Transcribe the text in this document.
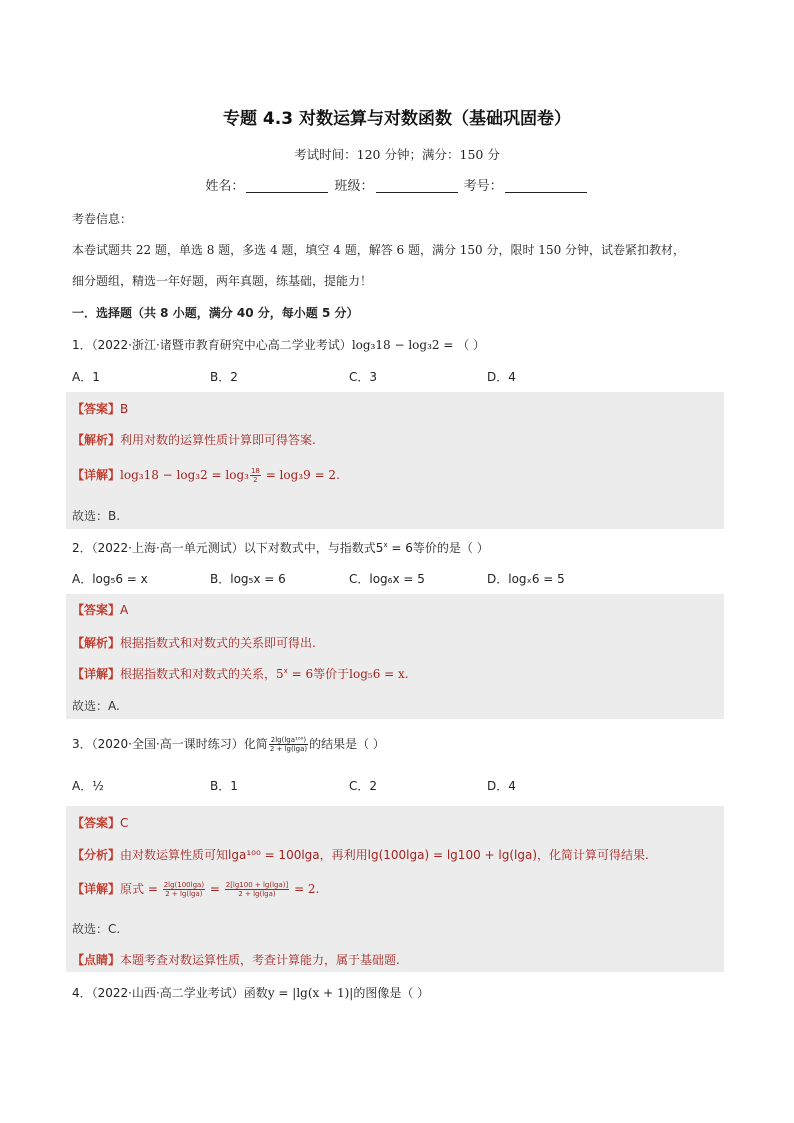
专题 4.3 对数运算与对数函数（基础巩固卷）
考试时间：120 分钟；满分：150 分
姓名：	班级：	考号：
考卷信息：
本卷试题共 22 题，单选 8 题，多选 4 题，填空 4 题，解答 6 题，满分 150 分，限时 150 分钟，试卷紧扣教材，
细分题组，精选一年好题，两年真题，练基础，提能力！
一．选择题（共 8 小题，满分 40 分，每小题 5 分）
1．（2022·浙江·诸暨市教育研究中心高二学业考试）log₃18 − log₃2 = （ ）
A．1	B．2	C．3	D．4
【答案】B
【解析】利用对数的运算性质计算即可得答案.
【详解】$\log_318 - \log_32 = \log_3 \frac{18}{2} = \log_39 = 2$.
故选：B.
2．（2022·上海·高一单元测试）以下对数式中，与指数式$5^x = 6$等价的是（ ）
A．log₅6 = x	B．log₅x = 6	C．log₆x = 5	D．logₓ6 = 5
【答案】A
【解析】根据指数式和对数式的关系即可得出.
【详解】根据指数式和对数式的关系，$5^x = 6$等价于log₅6 = x.
故选：A.
3．（2020·全国·高一课时练习）化简 $\frac{\text{2lg(lga¹⁰⁰)}}{2 + \lg(\lg a)}$ 的结果是（ ）
A．½	B．1	C．2	D．4
【答案】C
【分析】由对数运算性质可知lga¹⁰⁰ = 100lga，再利用lg(100lga) = lg100 + lg(lga)，化简计算可得结果.
【详解】原式 = $\frac{2\lg(100\lg a)}{2 + \lg(\lg a)} = \frac{2[\lg 100 + \lg(\lg a)]}{2 + \lg(\lg a)} = 2$.
故选：C.
【点睛】本题考查对数运算性质，考查计算能力，属于基础题.
4．（2022·山西·高二学业考试）函数y = |lg(x + 1)|的图像是（ ）
